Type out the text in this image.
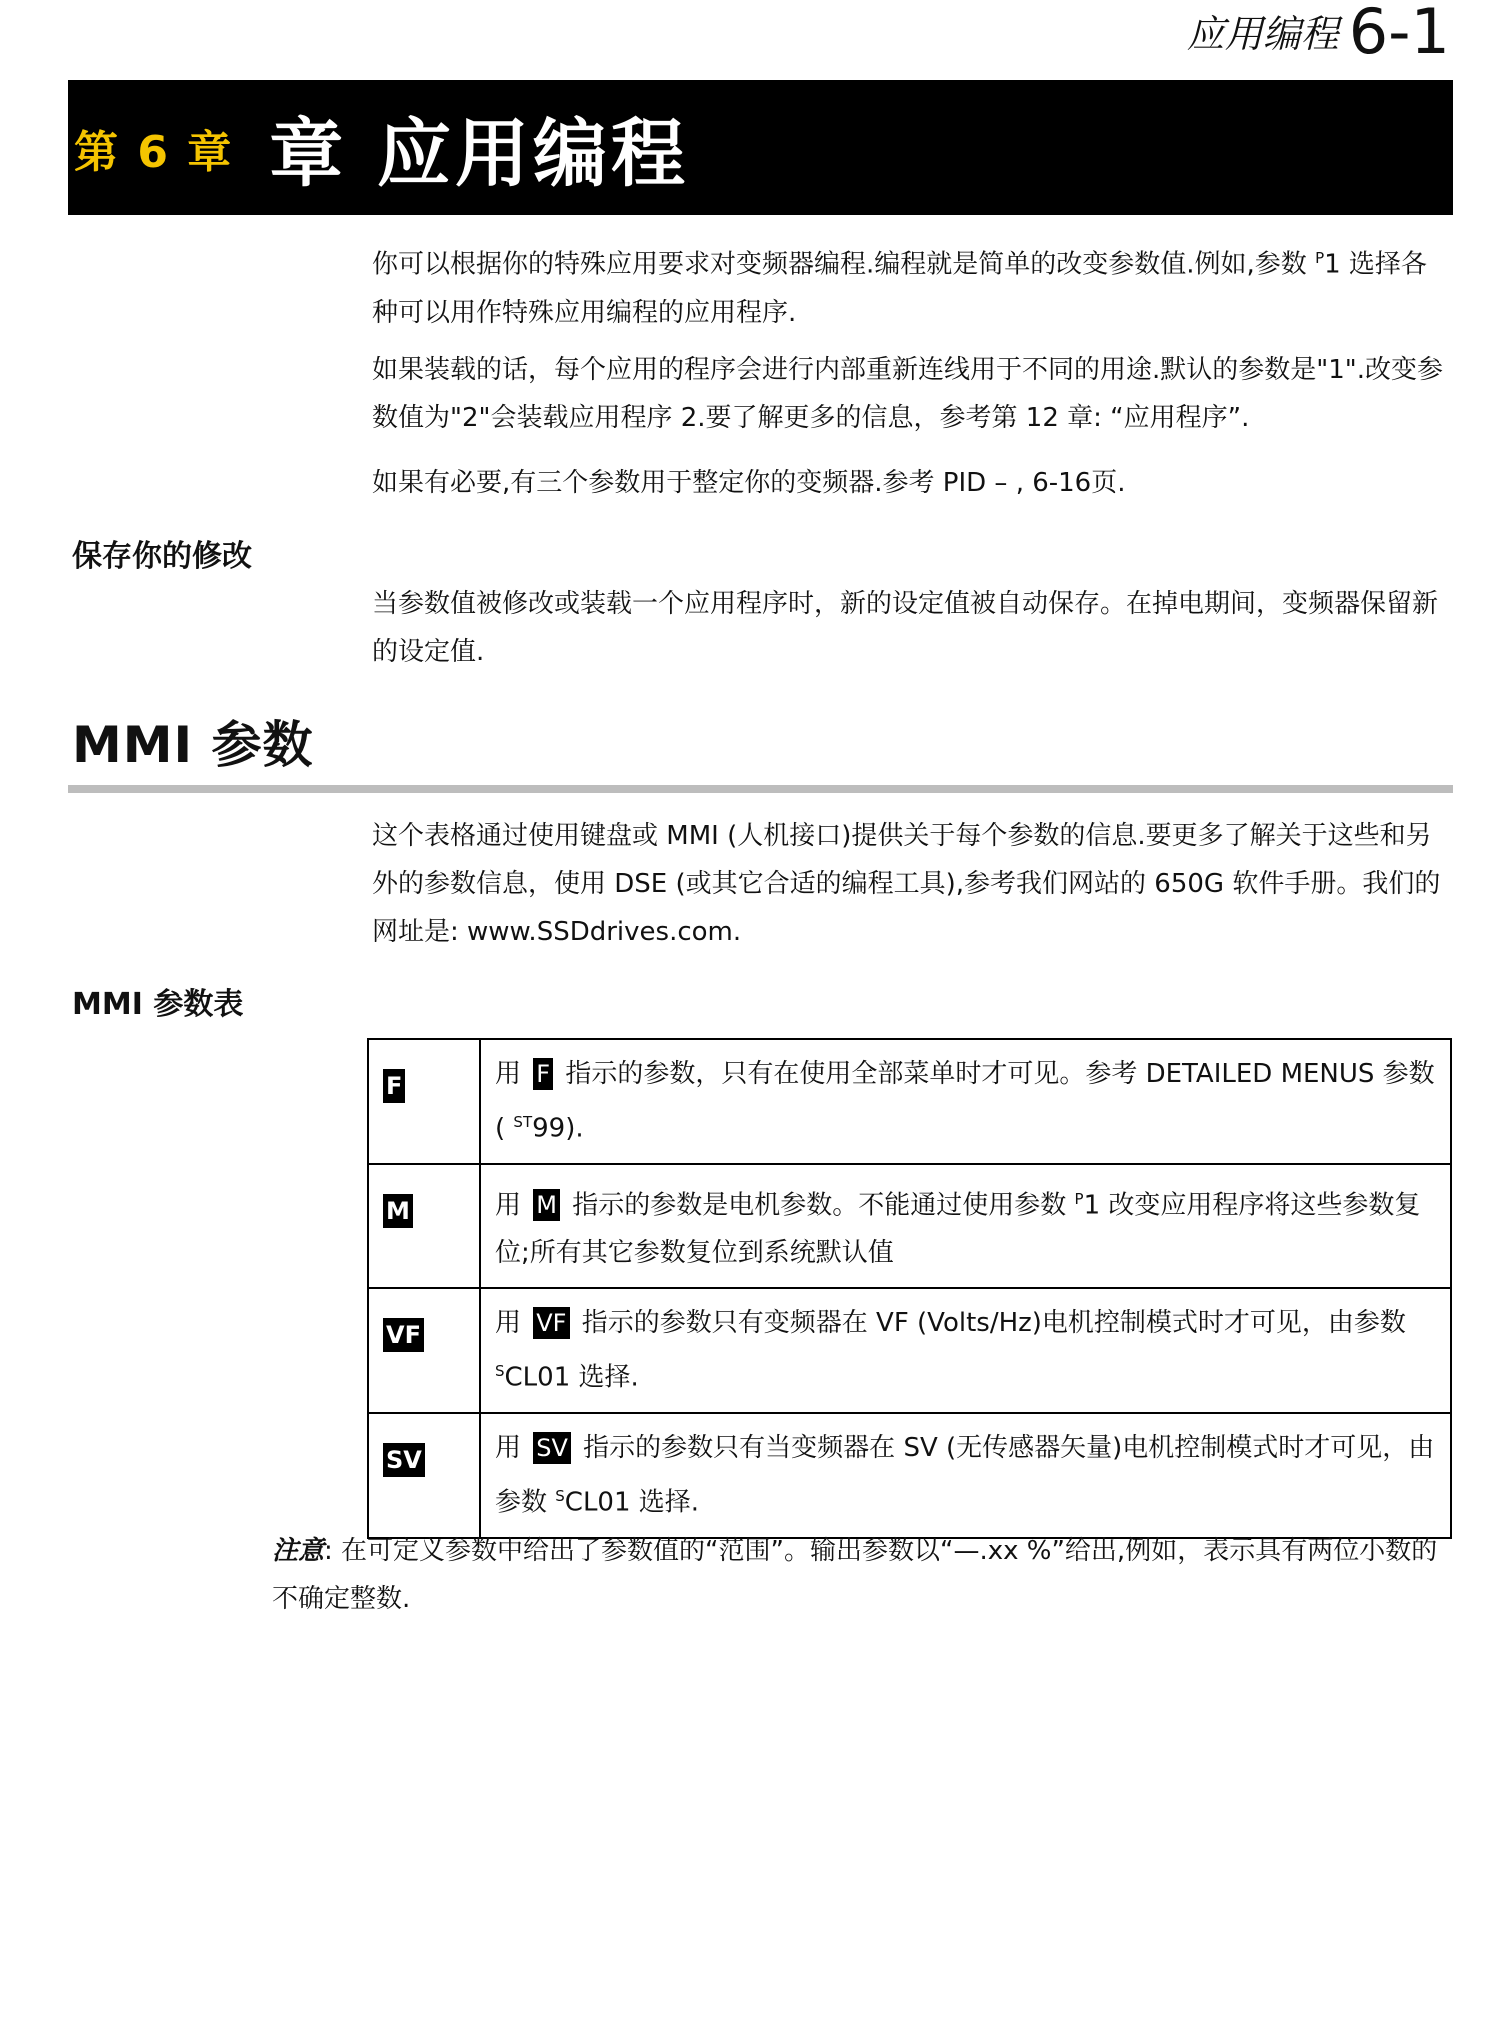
应用编程 6-1
第 6 章 章 应用编程
你可以根据你的特殊应用要求对变频器编程.编程就是简单的改变参数值.例如,参数 $^P$1 选择各种可以用作特殊应用编程的应用程序.
如果装载的话，每个应用的程序会进行内部重新连线用于不同的用途.默认的参数是"1".改变参数值为"2"会装载应用程序 2.要了解更多的信息，参考第 12 章: “应用程序”.
如果有必要,有三个参数用于整定你的变频器.参考 PID – , 6-16页.
保存你的修改
当参数值被修改或装载一个应用程序时，新的设定值被自动保存。在掉电期间，变频器保留新的设定值.
MMI 参数
这个表格通过使用键盘或 MMI (人机接口)提供关于每个参数的信息.要更多了解关于这些和另外的参数信息，使用 DSE (或其它合适的编程工具),参考我们网站的 650G 软件手册。我们的网址是: www.SSDdrives.com.
MMI 参数表
F	用 F 指示的参数，只有在使用全部菜单时才可见。参考 DETAILED MENUS 参数 ( $^{ST}$99).
M	用 M 指示的参数是电机参数。不能通过使用参数 $^P$1 改变应用程序将这些参数复位;所有其它参数复位到系统默认值
VF	用 VF 指示的参数只有变频器在 VF (Volts/Hz)电机控制模式时才可见，由参数 $^S$CL01 选择.
SV	用 SV 指示的参数只有当变频器在 SV (无传感器矢量)电机控制模式时才可见，由参数 $^S$CL01 选择.
注意: 在可定义参数中给出了参数值的“范围”。输出参数以“—.xx %”给出,例如，表示具有两位小数的不确定整数.
